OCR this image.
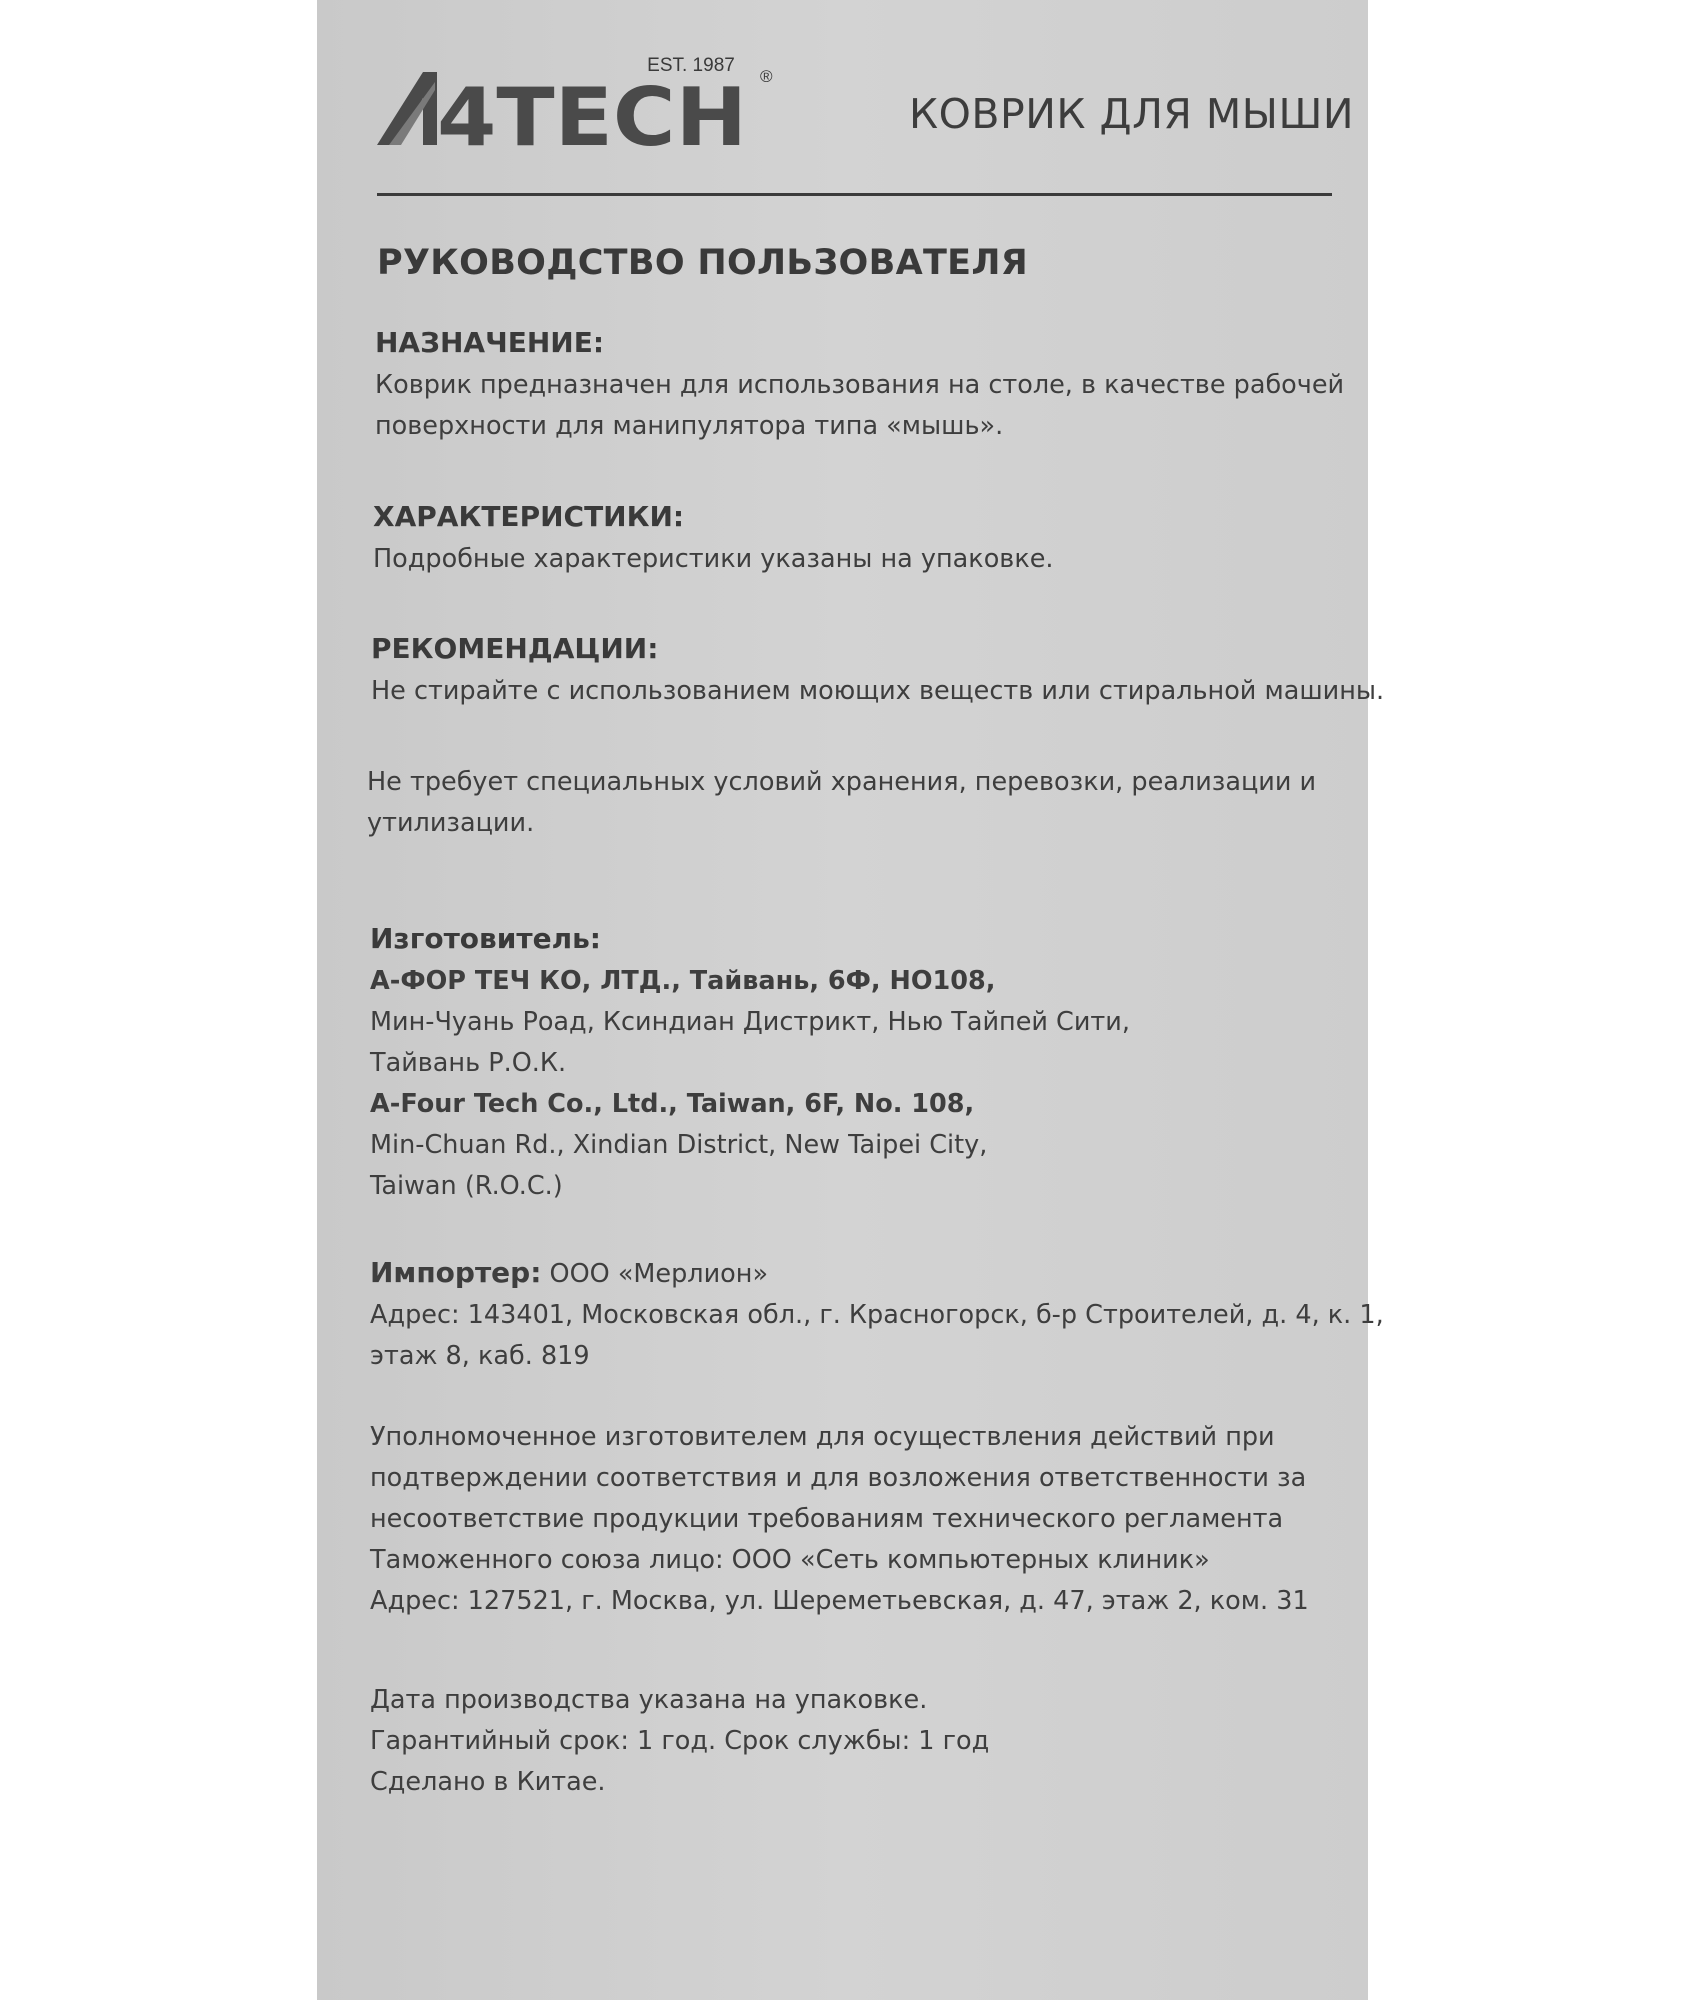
EST. 1987
®
4TECH	КОВРИК ДЛЯ МЫШИ
РУКОВОДСТВО ПОЛЬЗОВАТЕЛЯ
НАЗНАЧЕНИЕ:

Коврик предназначен для использования на столе, в качестве рабочей
поверхности для манипулятора типа «мышь».

ХАРАКТЕРИСТИКИ:

Подробные характеристики указаны на упаковке.

РЕКОМЕНДАЦИИ:

Не стирайте с использованием моющих веществ или стиральной машины.

Не требует специальных условий хранения, перевозки, реализации и
утилизации.

Изготовитель:

А-ФОР ТЕЧ КО, ЛТД., Тайвань, 6Ф, НО108,
Мин-Чуань Роад, Ксиндиан Дистрикт, Нью Тайпей Сити,
Тайвань Р.О.К.
A-Four Tech Co., Ltd., Taiwan, 6F, No. 108,
Min-Chuan Rd., Xindian District, New Taipei City,
Taiwan (R.O.C.)

Импортер: ООО «Мерлион»
Адрес: 143401, Московская обл., г. Красногорск, б-р Строителей, д. 4, к. 1,
этаж 8, каб. 819

Уполномоченное изготовителем для осуществления действий при
подтверждении соответствия и для возложения ответственности за
несоответствие продукции требованиям технического регламента
Таможенного союза лицо: ООО «Сеть компьютерных клиник»
Адрес: 127521, г. Москва, ул. Шереметьевская, д. 47, этаж 2, ком. 31

Дата производства указана на упаковке.
Гарантийный срок: 1 год. Срок службы: 1 год
Сделано в Китае.
